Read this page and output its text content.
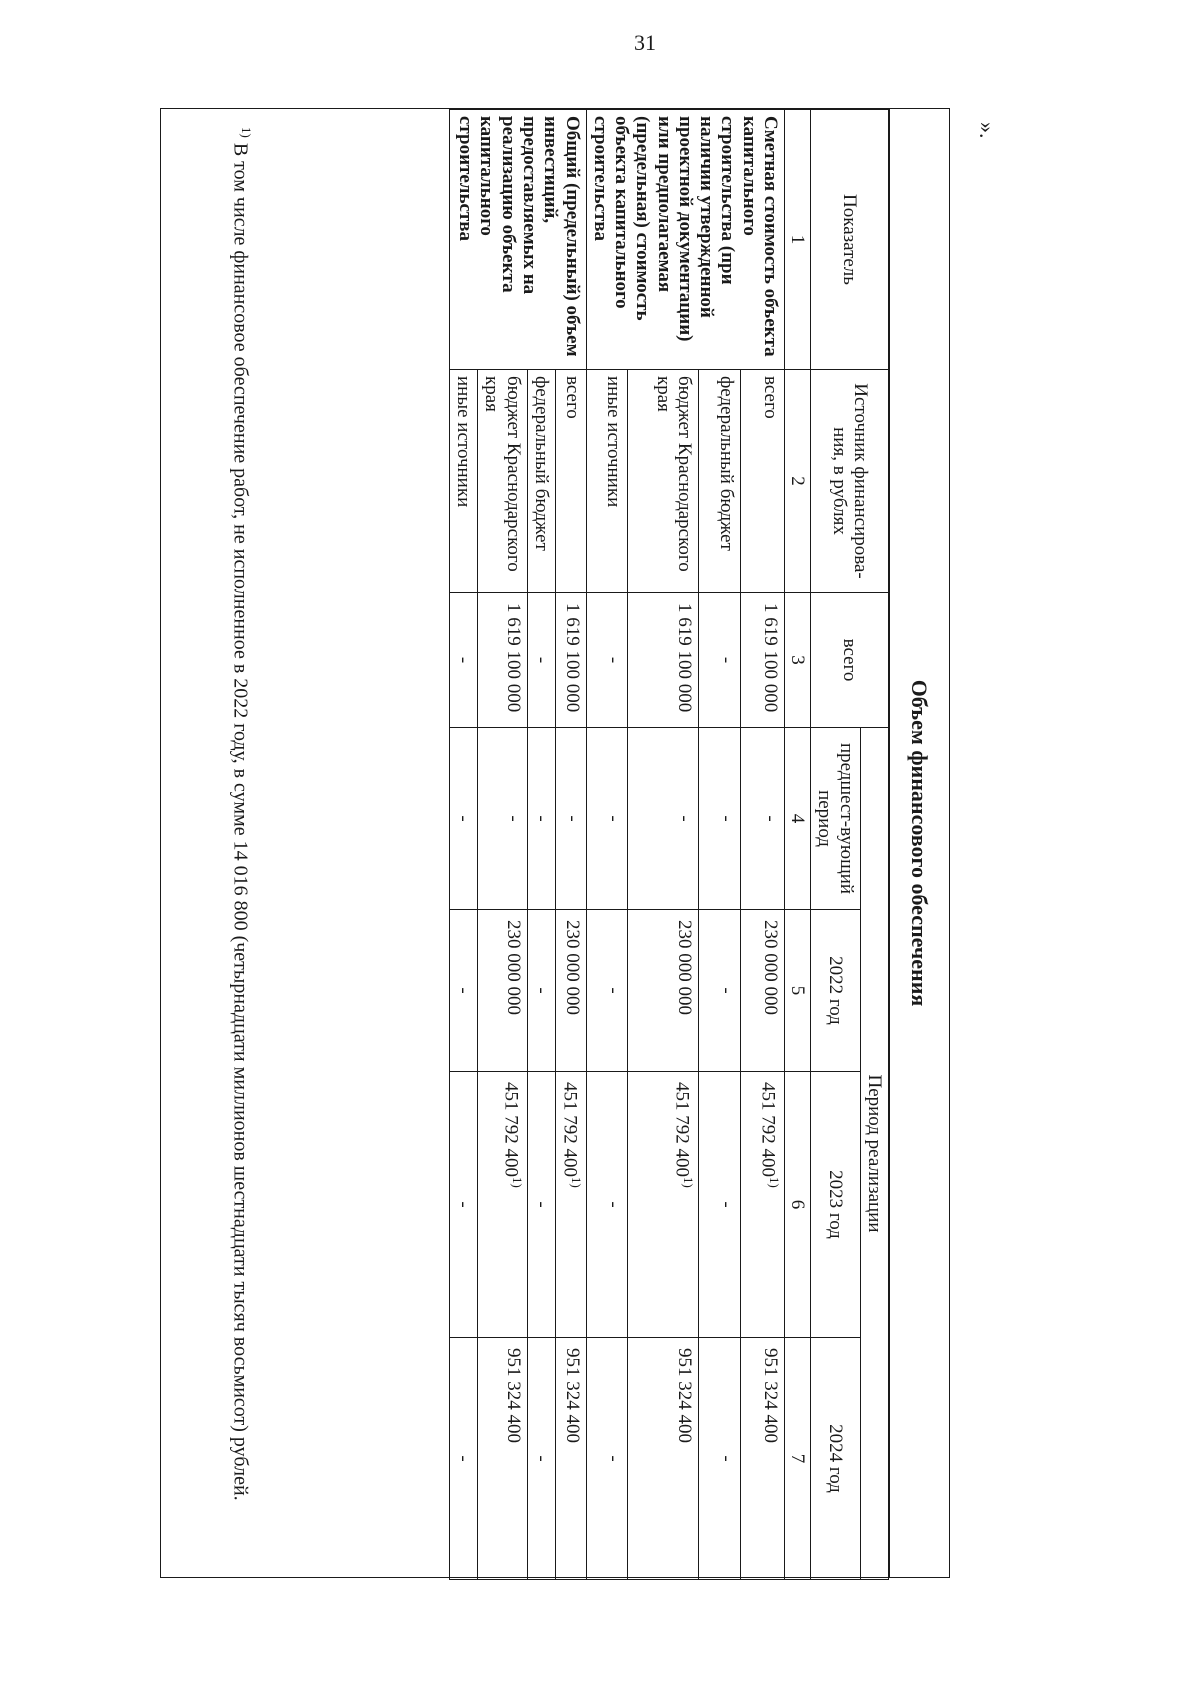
31
».
Объем финансового обеспечения
Показатель	Источник финансирова-ния, в рублях	всего	Период реализации			
			предшест-вующий период	2022 год	2023 год	2024 год
1	2	3	4	5	6	7
Сметная стоимость объекта капитального строительства (при наличии утвержденной проектной документации) или предполагаемая (предельная) стоимость объекта капитального строительства	всего	1 619 100 000	-	230 000 000	451 792 400$^{1)}$	951 324 400
	федеральный бюджет	-	-	-	-	-
	бюджет Краснодарского края	1 619 100 000	-	230 000 000	451 792 400$^{1)}$	951 324 400
	иные источники	-	-	-	-	-
Общий (предельный) объем инвестиций, предоставляемых на реализацию объекта капитального строительства	всего	1 619 100 000	-	230 000 000	451 792 400$^{1)}$	951 324 400
	федеральный бюджет	-	-	-	-	-
	бюджет Краснодарского края	1 619 100 000	-	230 000 000	451 792 400$^{1)}$	951 324 400
	иные источники	-	-	-	-	-
$^{1)}$ В том числе финансовое обеспечение работ, не исполненное в 2022 году, в сумме 14 016 800 (четырнадцати миллионов шестнадцати тысяч восьмисот) рублей.
